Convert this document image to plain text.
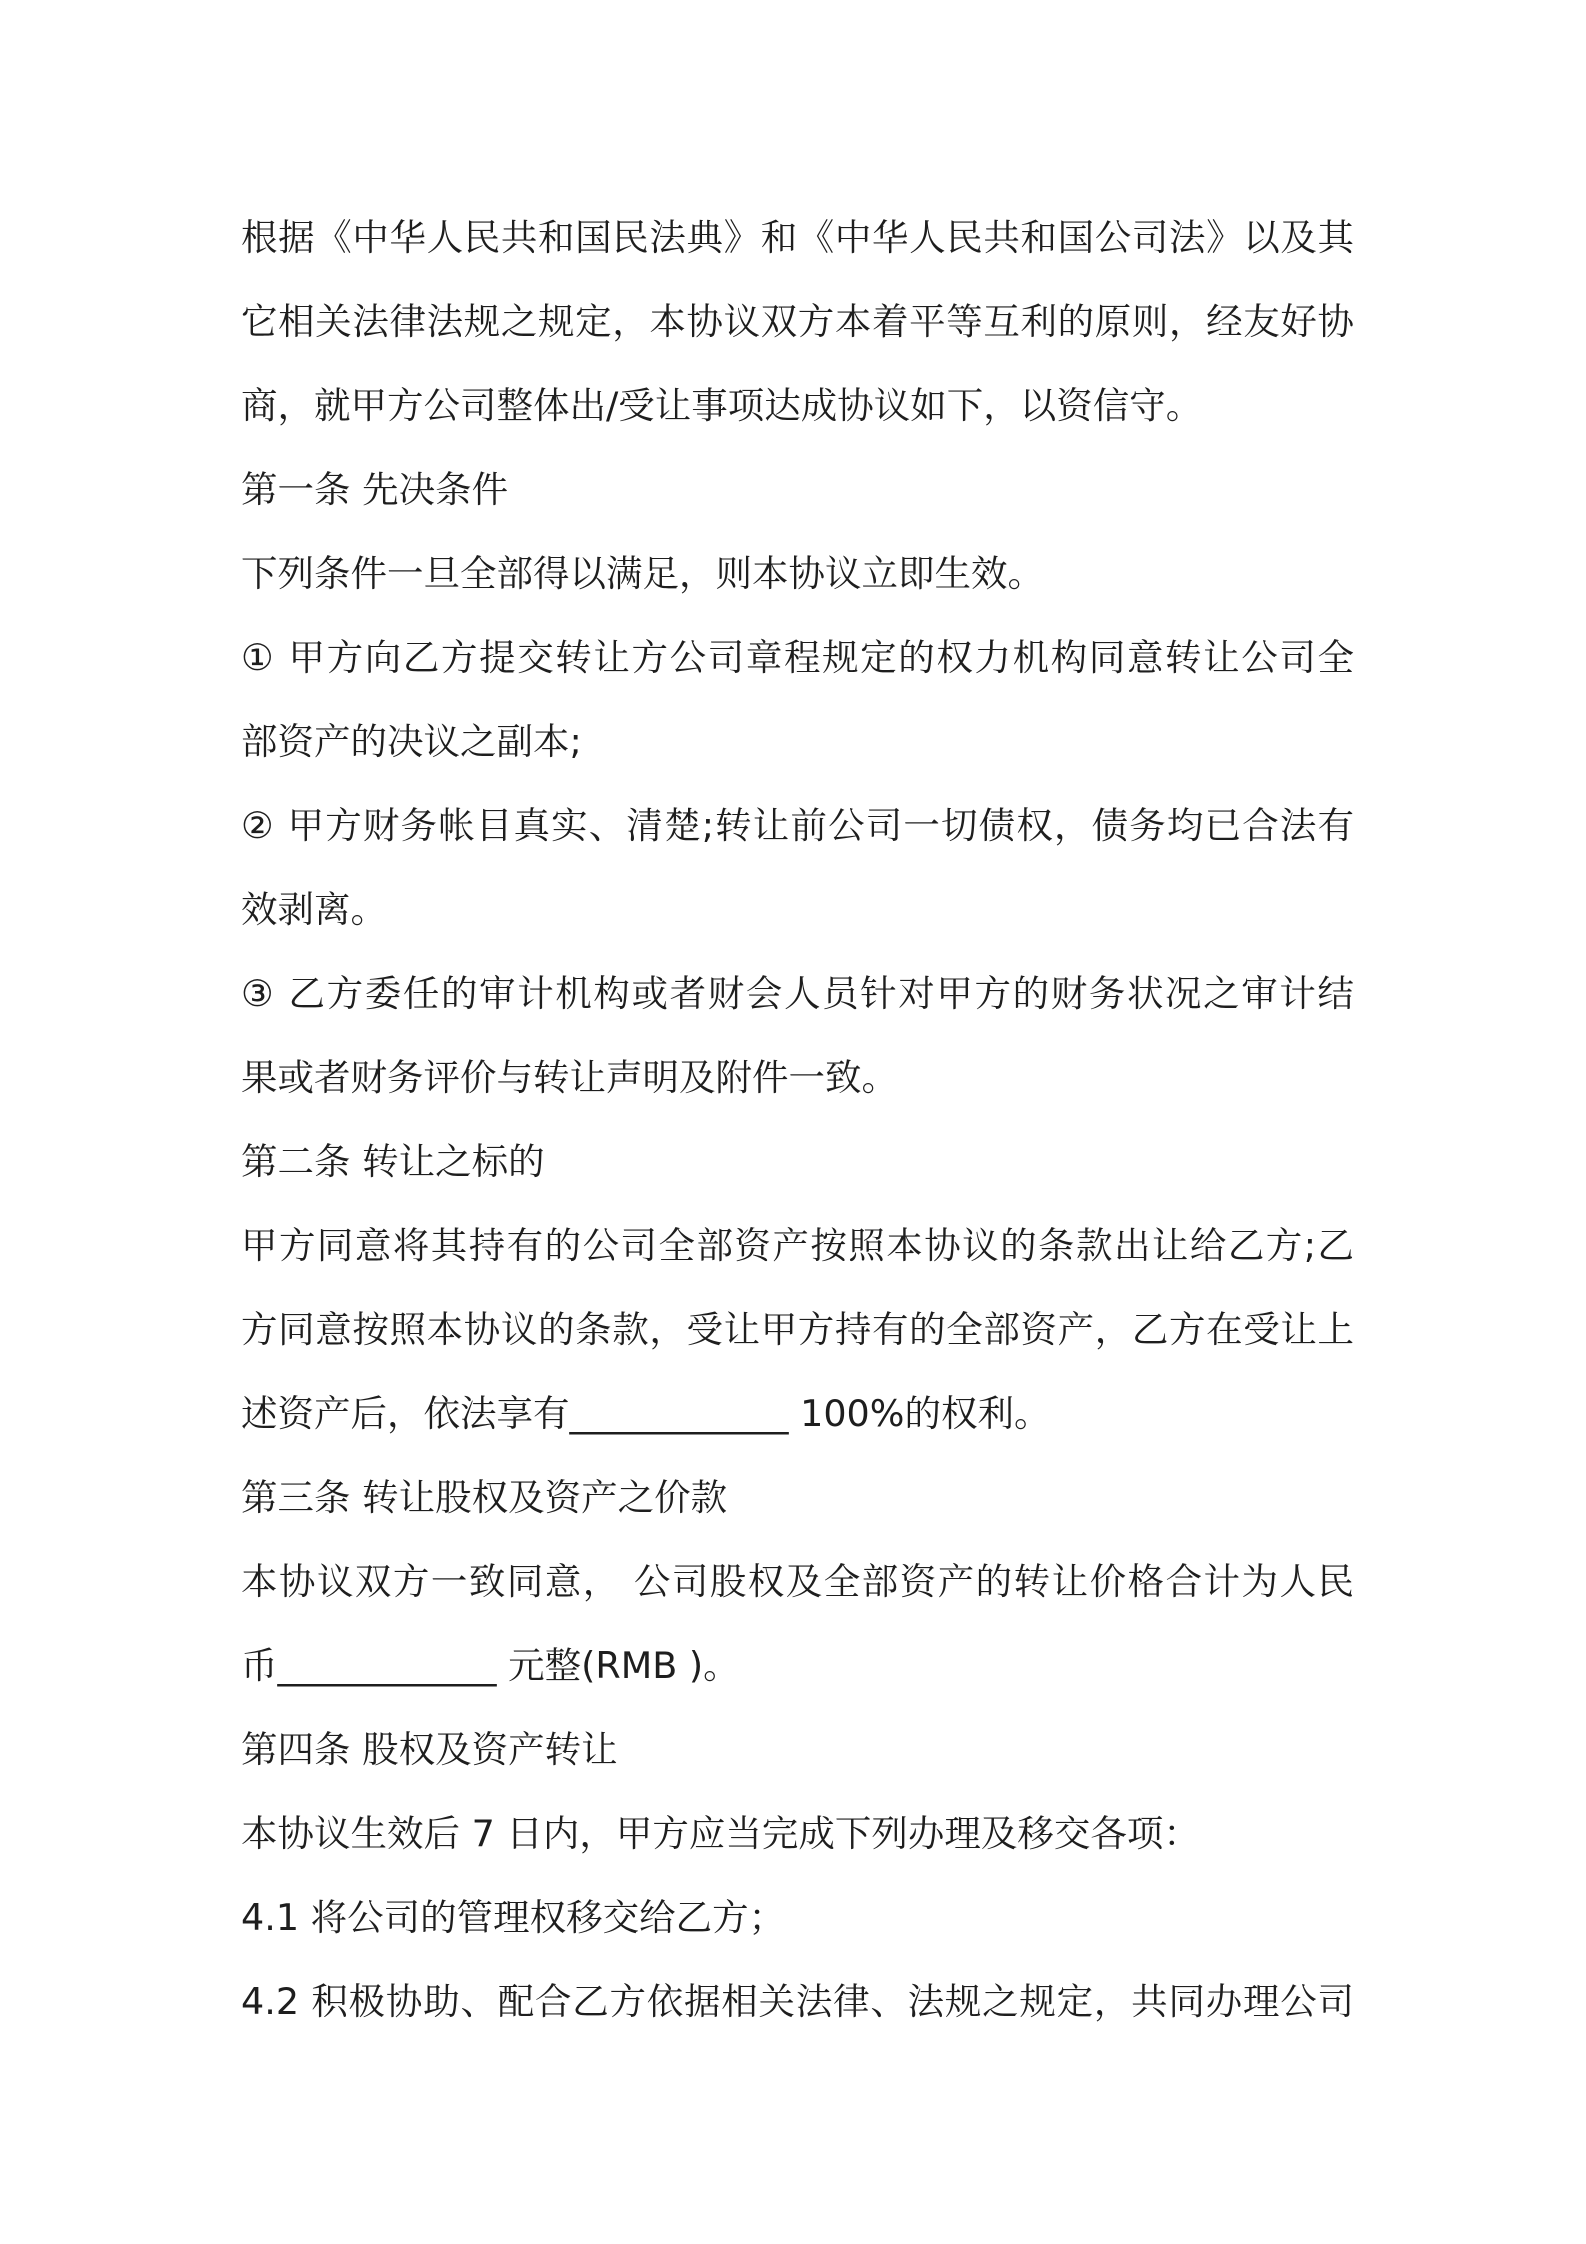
根据《中华人民共和国民法典》和《中华人民共和国公司法》以及其
它相关法律法规之规定，本协议双方本着平等互利的原则，经友好协
商，就甲方公司整体出/受让事项达成协议如下，以资信守。
第一条 先决条件
下列条件一旦全部得以满足，则本协议立即生效。
① 甲方向乙方提交转让方公司章程规定的权力机构同意转让公司全
部资产的决议之副本;
② 甲方财务帐目真实、清楚;转让前公司一切债权，债务均已合法有
效剥离。
③ 乙方委任的审计机构或者财会人员针对甲方的财务状况之审计结
果或者财务评价与转让声明及附件一致。
第二条 转让之标的
甲方同意将其持有的公司全部资产按照本协议的条款出让给乙方;乙
方同意按照本协议的条款，受让甲方持有的全部资产，乙方在受让上
述资产后，依法享有____________ 100%的权利。
第三条 转让股权及资产之价款
本协议双方一致同意， 公司股权及全部资产的转让价格合计为人民
币____________ 元整(RMB )。
第四条 股权及资产转让
本协议生效后 7 日内，甲方应当完成下列办理及移交各项：
4.1 将公司的管理权移交给乙方；
4.2 积极协助、配合乙方依据相关法律、法规之规定，共同办理公司
